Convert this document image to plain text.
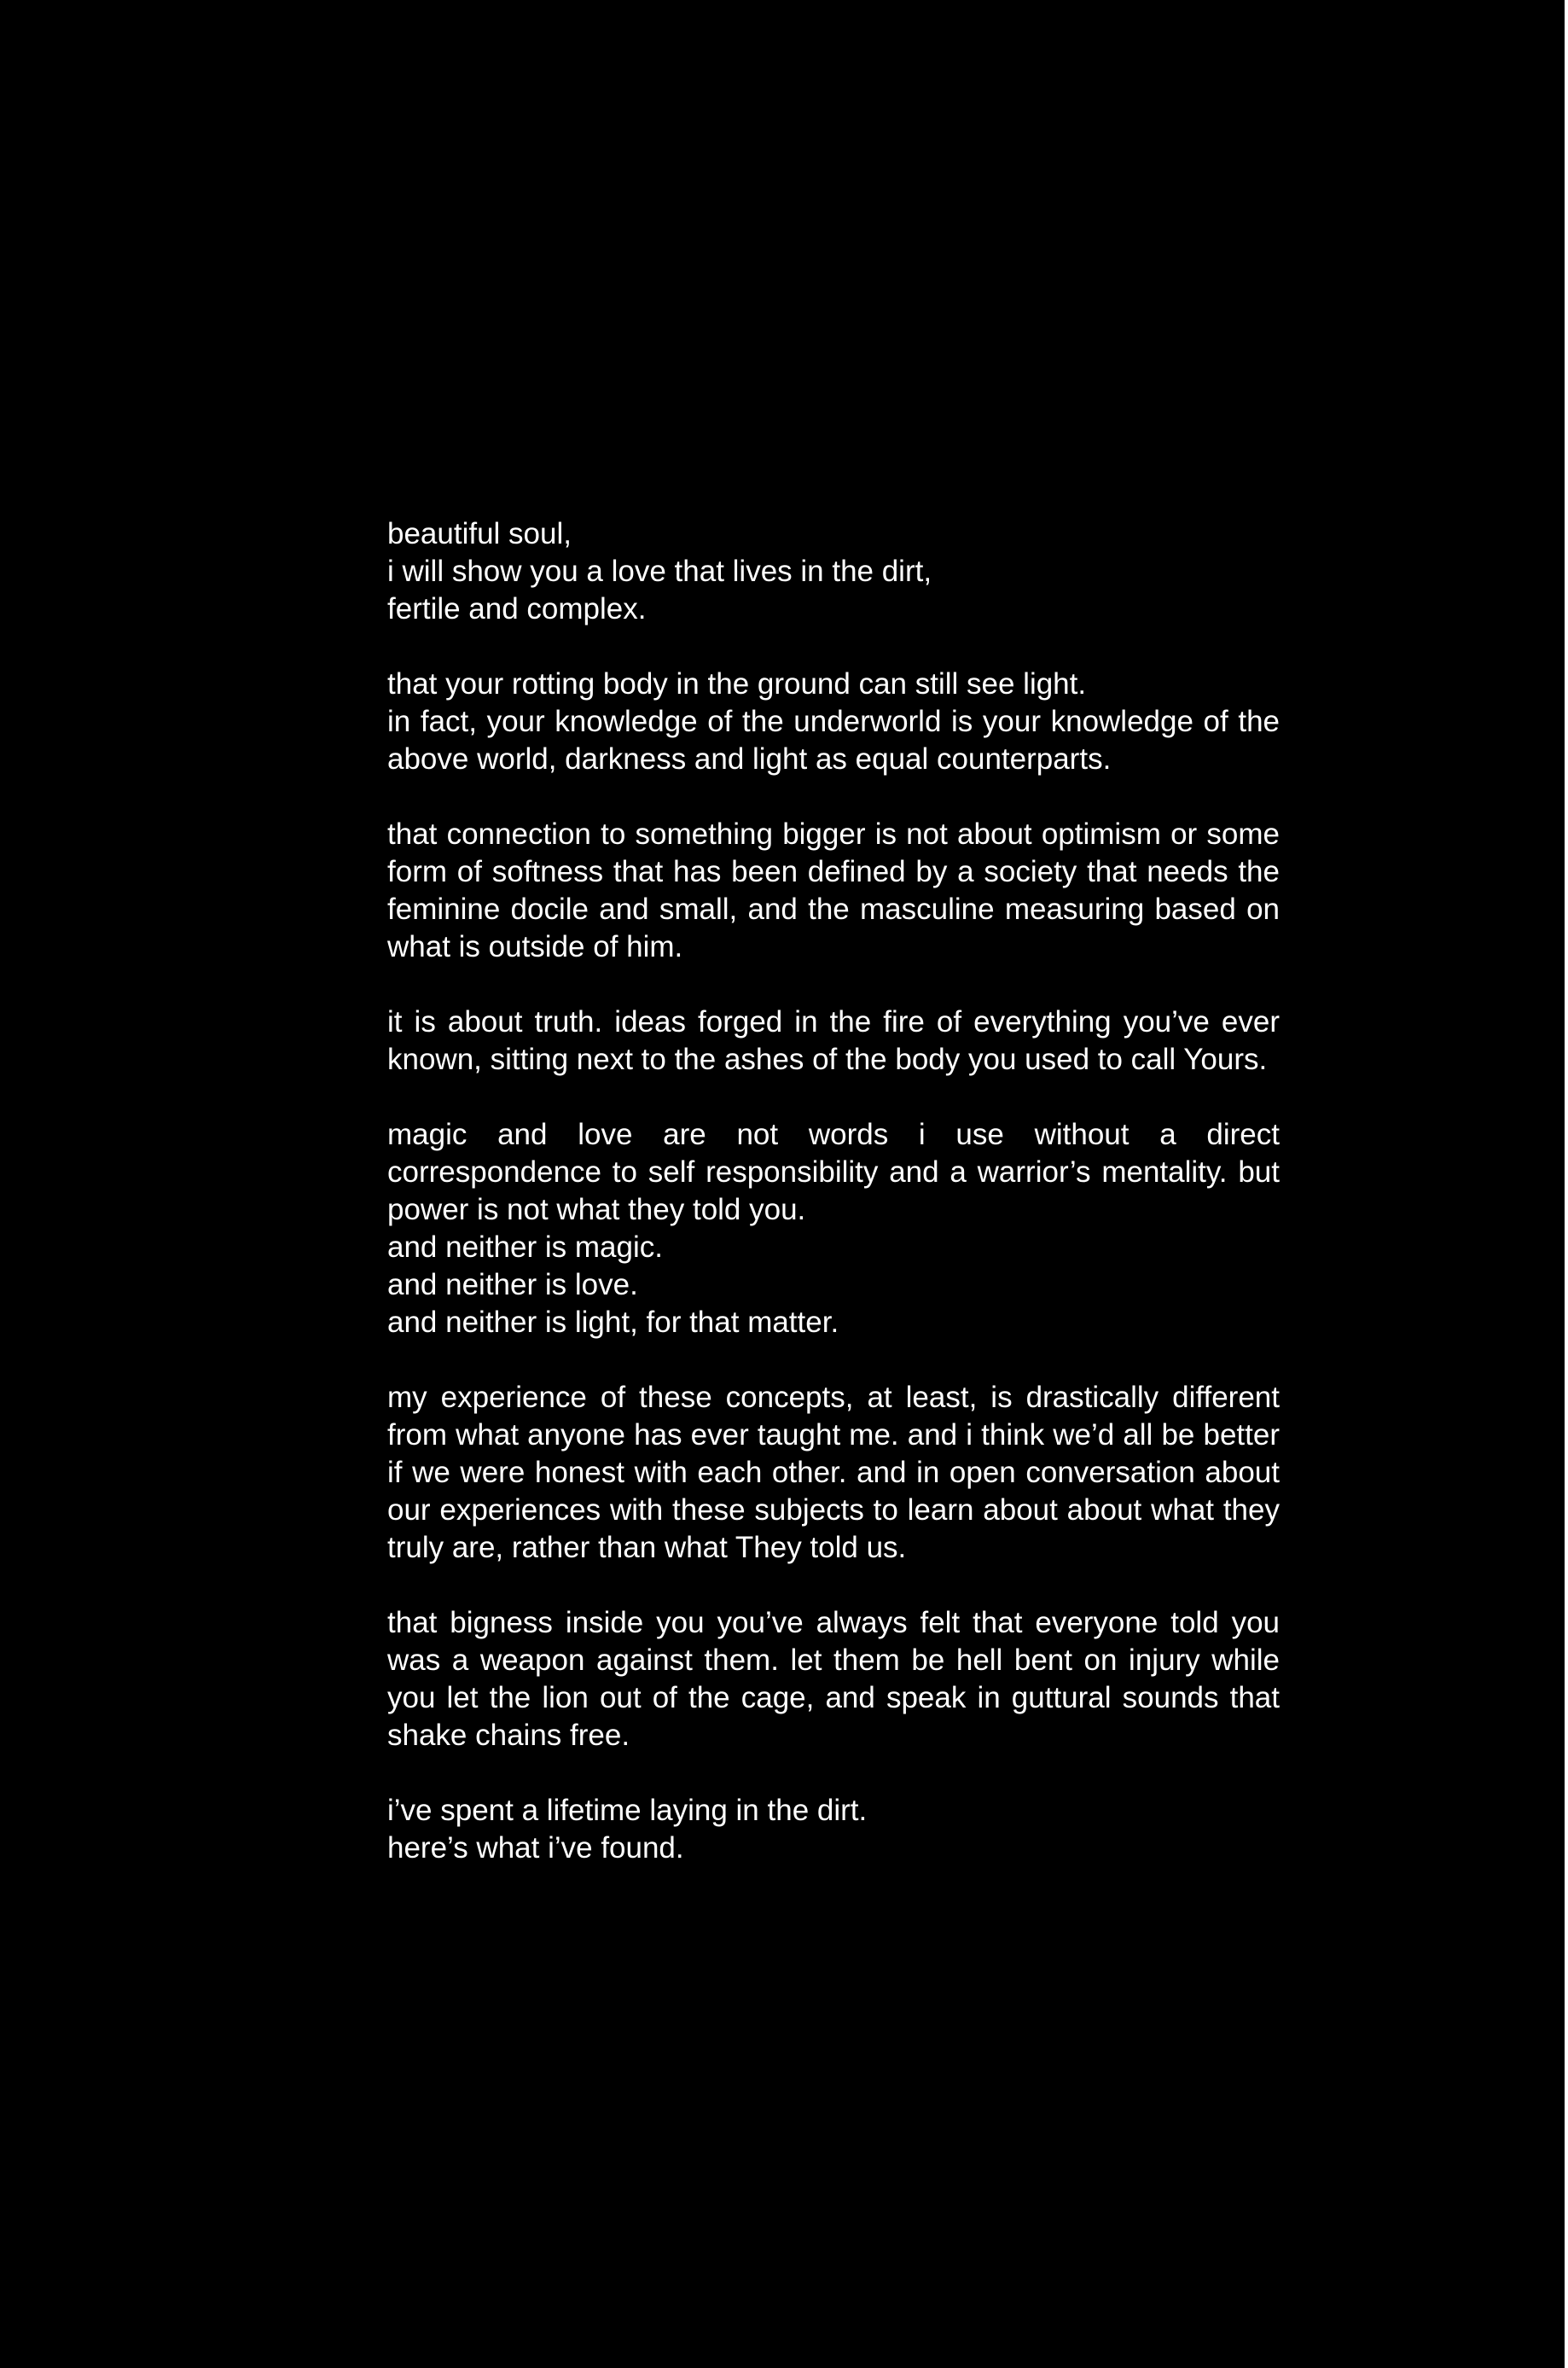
beautiful soul,
i will show you a love that lives in the dirt,
fertile and complex.
that your rotting body in the ground can still see light.
in fact, your knowledge of the underworld is your knowledge of the above world, darkness and light as equal counterparts.
that connection to something bigger is not about optimism or some form of softness that has been defined by a society that needs the feminine docile and small, and the masculine measuring based on what is outside of him.
it is about truth. ideas forged in the fire of everything you’ve ever known, sitting next to the ashes of the body you used to call Yours.
magic and love are not words i use without a direct correspondence to self responsibility and a warrior’s mentality. but power is not what they told you.
and neither is magic.
and neither is love.
and neither is light, for that matter.
my experience of these concepts, at least, is drastically different from what anyone has ever taught me. and i think we’d all be better if we were honest with each other. and in open conversation about our experiences with these subjects to learn about about what they truly are, rather than what They told us.
that bigness inside you you’ve always felt that everyone told you was a weapon against them. let them be hell bent on injury while you let the lion out of the cage, and speak in guttural sounds that shake chains free.
i’ve spent a lifetime laying in the dirt.
here’s what i’ve found.
